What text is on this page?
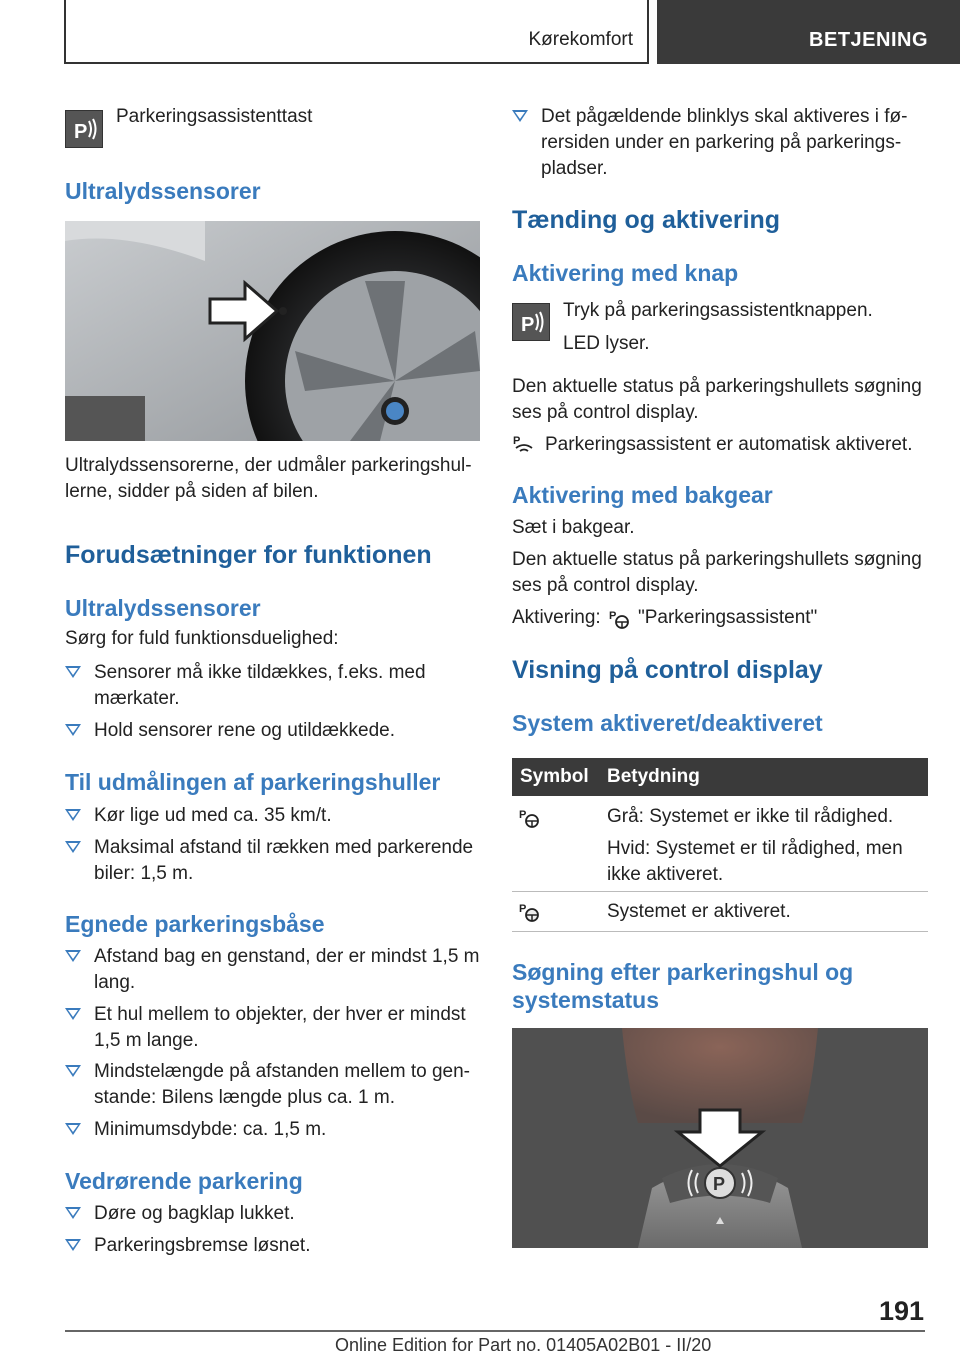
Kørekomfort	BETJENING
P

Parkeringsassistenttast

Ultralydssensorer

Ultralydssensorerne, der udmåler parkeringshul-
lerne, sidder på siden af bilen.

Forudsætninger for funktionen
Ultralydssensorer

Sørg for fuld funktionsduelighed:

Sensorer må ikke tildækkes, f.eks. med mærkater.
Hold sensorer rene og utildækkede.
Til udmålingen af parkeringshuller
Kør lige ud med ca. 35 km/t.
Maksimal afstand til rækken med parkerende biler: 1,5 m.
Egnede parkeringsbåse
Afstand bag en genstand, der er mindst 1,5 m lang.
Et hul mellem to objekter, der hver er mindst 1,5 m lange.
Mindstelængde på afstanden mellem to gen-stande: Bilens længde plus ca. 1 m.
Minimumsdybde: ca. 1,5 m.
Vedrørende parkering
Døre og bagklap lukket.
Parkeringsbremse løsnet.
Det pågældende blinklys skal aktiveres i fø-rersiden under en parkering på parkerings-pladser.
Tænding og aktivering
Aktivering med knap
P

Tryk på parkeringsassistentknappen.

LED lyser.

Den aktuelle status på parkeringshullets søgning ses på control display.

P Parkeringsassistent er automatisk aktiveret.

Aktivering med bakgear

Sæt i bakgear.

Den aktuelle status på parkeringshullets søgning ses på control display.

Aktivering: P "Parkeringsassistent"

Visning på control display
System aktiveret/deaktiveret
Symbol Betydning
P	Grå: Systemet er ikke til rådighed.

Hvid: Systemet er til rådighed, men ikke aktiveret.

P	Systemet er aktiveret.

Søgning efter parkeringshul og systemstatus
P
191
Online Edition for Part no. 01405A02B01 - II/20
